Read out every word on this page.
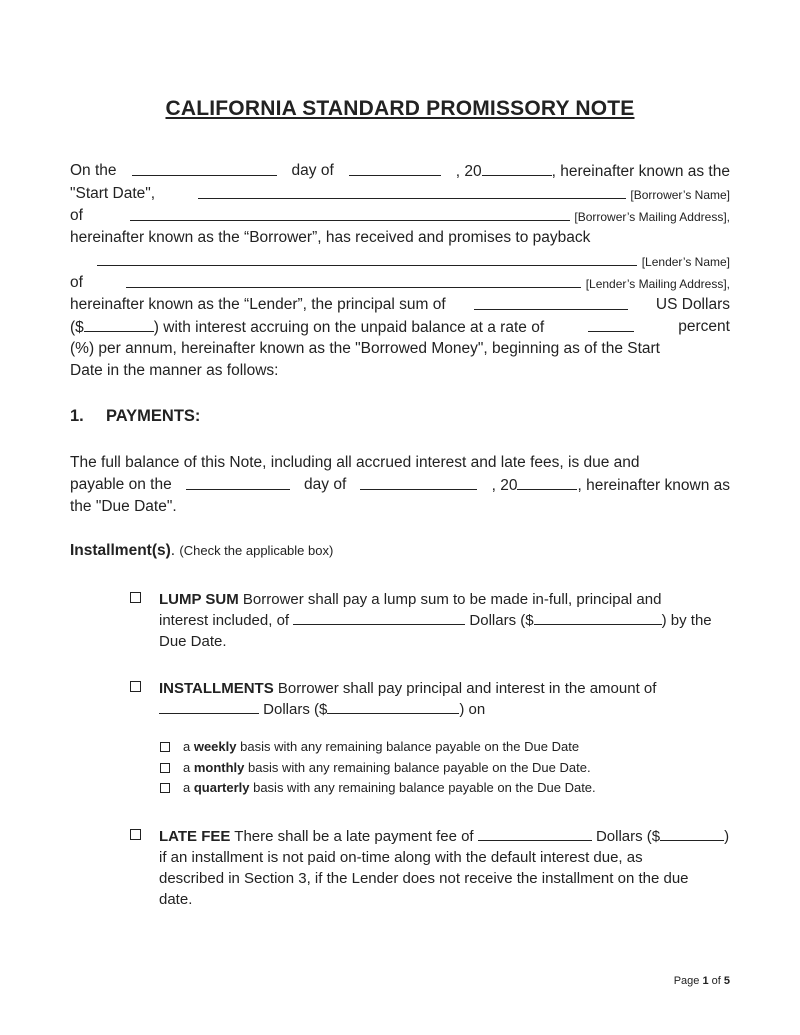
CALIFORNIA STANDARD PROMISSORY NOTE
On the	day of	, 20	, hereinafter known as the
"Start Date",	[Borrower’s Name]
of	[Borrower’s Mailing Address],
hereinafter known as the “Borrower”, has received and promises to payback
[Lender’s Name]
of	[Lender’s Mailing Address],
hereinafter known as the “Lender”, the principal sum of	US Dollars
($	) with interest accruing on the unpaid balance at a rate of	percent
(%) per annum, hereinafter known as the "Borrowed Money", beginning as of the Start
Date in the manner as follows:
1. PAYMENTS:
The full balance of this Note, including all accrued interest and late fees, is due and
payable on the	day of	, 20	, hereinafter known as
the "Due Date".
Installment(s). (Check the applicable box)
LUMP SUM Borrower shall pay a lump sum to be made in-full, principal and
interest included, of	Dollars ($	) by the
Due Date.
INSTALLMENTS Borrower shall pay principal and interest in the amount of
Dollars ($	) on
a weekly basis with any remaining balance payable on the Due Date
a monthly basis with any remaining balance payable on the Due Date.
a quarterly basis with any remaining balance payable on the Due Date.
LATE FEE There shall be a late payment fee of	Dollars ($	)
if an installment is not paid on-time along with the default interest due, as
described in Section 3, if the Lender does not receive the installment on the due
date.
Page 1 of 5
